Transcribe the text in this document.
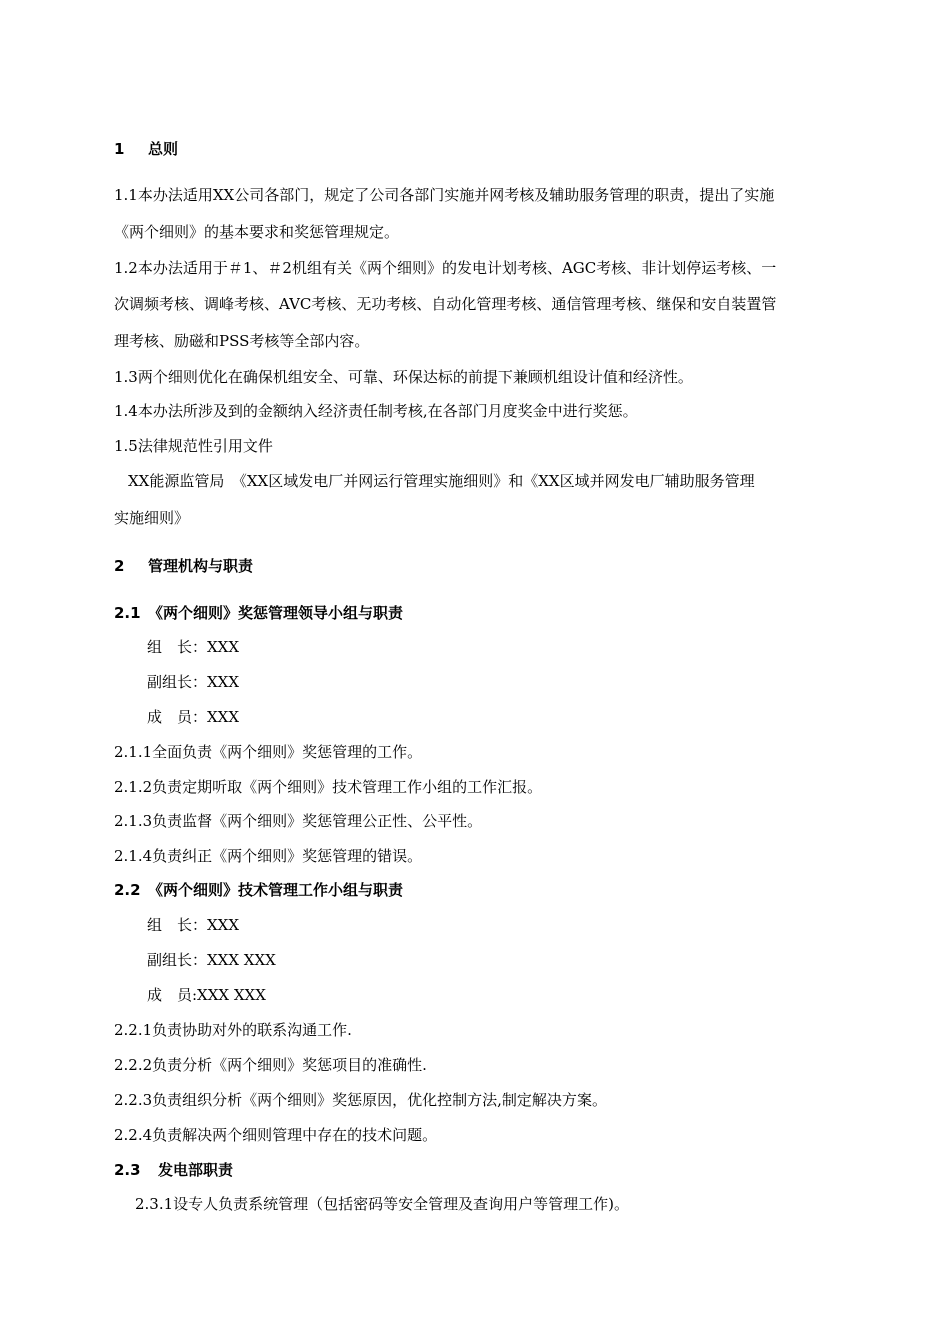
1 总则
1.1本办法适用XX公司各部门，规定了公司各部门实施并网考核及辅助服务管理的职责，提出了实施
《两个细则》的基本要求和奖惩管理规定。
1.2本办法适用于＃1、＃2机组有关《两个细则》的发电计划考核、AGC考核、非计划停运考核、一
次调频考核、调峰考核、AVC考核、无功考核、自动化管理考核、通信管理考核、继保和安自装置管
理考核、励磁和PSS考核等全部内容。
1.3两个细则优化在确保机组安全、可靠、环保达标的前提下兼顾机组设计值和经济性。
1.4本办法所涉及到的金额纳入经济责任制考核,在各部门月度奖金中进行奖惩。
1.5法律规范性引用文件
XX能源监管局　《XX区域发电厂并网运行管理实施细则》和《XX区域并网发电厂辅助服务管理
实施细则》
2 管理机构与职责
2.1 《两个细则》奖惩管理领导小组与职责
组　长：XXX
副组长：XXX
成　员：XXX
2.1.1全面负责《两个细则》奖惩管理的工作。
2.1.2负责定期听取《两个细则》技术管理工作小组的工作汇报。
2.1.3负责监督《两个细则》奖惩管理公正性、公平性。
2.1.4负责纠正《两个细则》奖惩管理的错误。
2.2 《两个细则》技术管理工作小组与职责
组　长：XXX
副组长：XXX XXX
成　员:XXX XXX
2.2.1负责协助对外的联系沟通工作.
2.2.2负责分析《两个细则》奖惩项目的准确性.
2.2.3负责组织分析《两个细则》奖惩原因，优化控制方法,制定解决方案。
2.2.4负责解决两个细则管理中存在的技术问题。
2.3 发电部职责
2.3.1设专人负责系统管理（包括密码等安全管理及查询用户等管理工作)。
